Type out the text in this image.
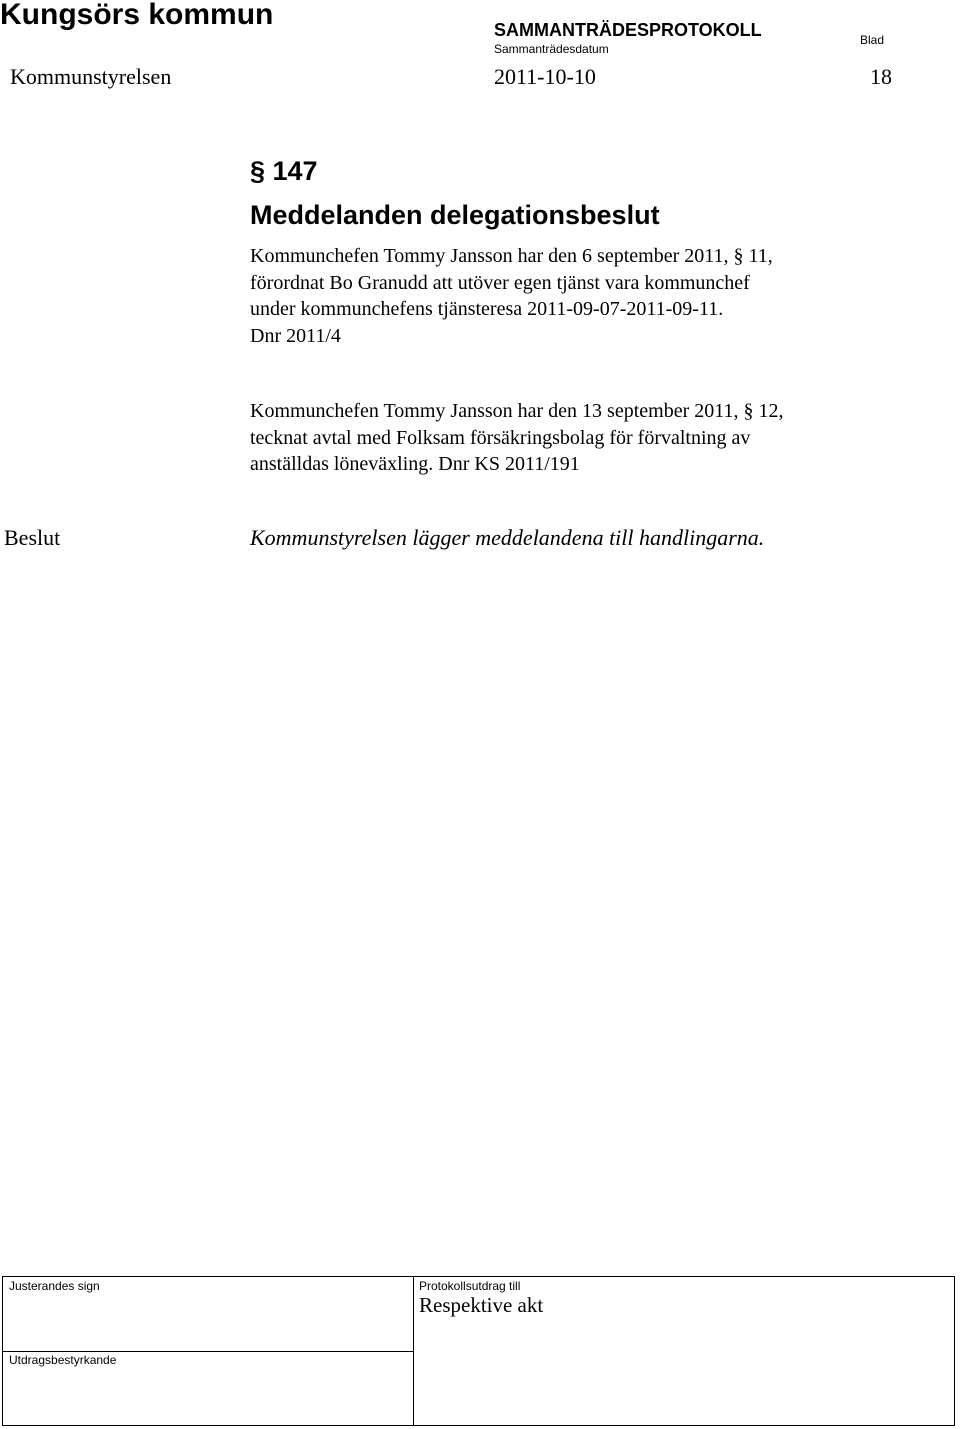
Kungsörs kommun	SAMMANTRÄDESPROTOKOLL
Sammanträdesdatum
Blad
Kommunstyrelsen	2011-10-10	18
§ 147
Meddelanden delegationsbeslut
Kommunchefen Tommy Jansson har den 6 september 2011, § 11,
förordnat Bo Granudd att utöver egen tjänst vara kommunchef
under kommunchefens tjänsteresa 2011-09-07-2011-09-11.
Dnr 2011/4
Kommunchefen Tommy Jansson har den 13 september 2011, § 12,
tecknat avtal med Folksam försäkringsbolag för förvaltning av
anställdas löneväxling. Dnr KS 2011/191
Beslut	Kommunstyrelsen lägger meddelandena till handlingarna.
Justerandes sign	Protokollsutdrag till
Respektive akt
Utdragsbestyrkande
